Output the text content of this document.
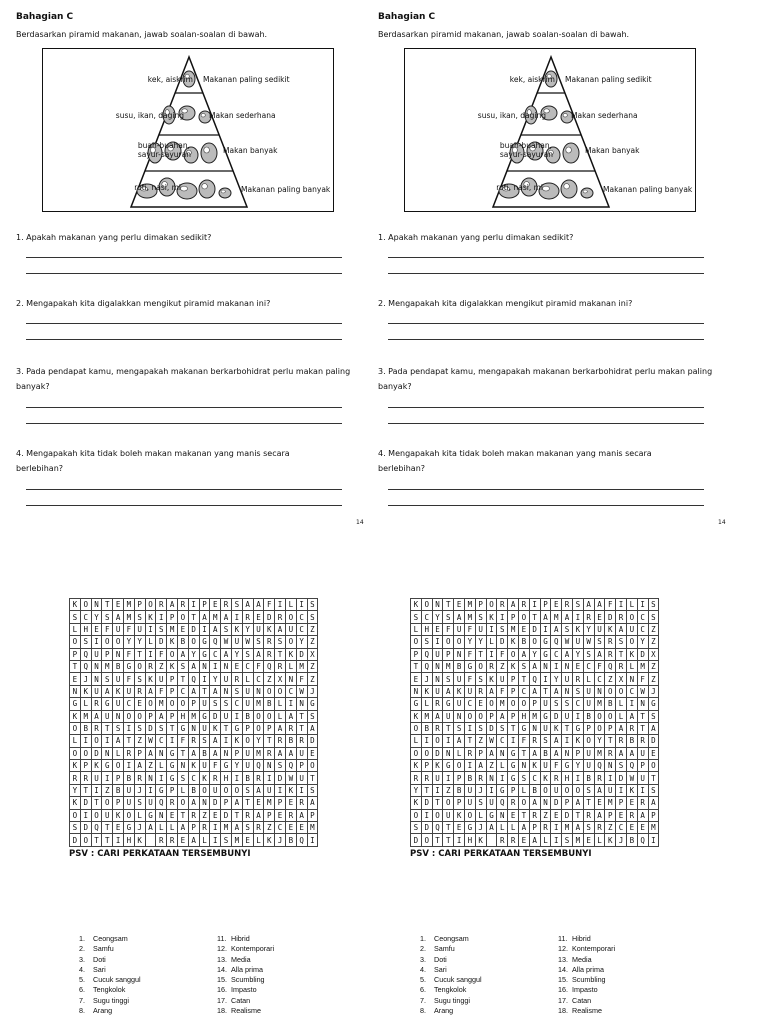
Bahagian C
Berdasarkan piramid makanan, jawab soalan-soalan di bawah.
kek, aiskrim
susu, ikan, daging
buah-buahan,
sayur-sayuran
roti, nasi, mi
Makanan paling sedikit
Makan sederhana
Makan banyak
Makanan paling banyak
1. Apakah makanan yang perlu dimakan sedikit?
2. Mengapakah kita digalakkan mengikut piramid makanan ini?
3. Pada pendapat kamu, mengapakah makanan berkarbohidrat perlu makan paling banyak?
4. Mengapakah kita tidak boleh makan makanan yang manis secara berlebihan?
14
Bahagian C
Berdasarkan piramid makanan, jawab soalan-soalan di bawah.
kek, aiskrim
susu, ikan, daging
buah-buahan,
sayur-sayuran
roti, nasi, mi
Makanan paling sedikit
Makan sederhana
Makan banyak
Makanan paling banyak
1. Apakah makanan yang perlu dimakan sedikit?
2. Mengapakah kita digalakkan mengikut piramid makanan ini?
3. Pada pendapat kamu, mengapakah makanan berkarbohidrat perlu makan paling banyak?
4. Mengapakah kita tidak boleh makan makanan yang manis secara berlebihan?
14
K	O	N	T	E	M	P	O	R	A	R	I	P	E	R	S	A	A	F	I	L	I	S
S	C	Y	S	A	M	S	K	I	P	O	T	A	M	A	I	R	E	D	R	O	C	S
L	H	E	F	U	F	U	I	S	M	E	D	I	A	S	K	Y	U	K	A	U	C	Z
O	S	I	O	O	Y	Y	L	D	K	B	O	G	Q	W	U	W	S	R	S	O	Y	Z
P	Q	U	P	N	F	T	I	F	O	A	Y	G	C	A	Y	S	A	R	T	K	D	X
T	Q	N	M	B	G	O	R	Z	K	S	A	N	I	N	E	C	F	Q	R	L	M	Z
E	J	N	S	U	F	S	K	U	P	T	Q	I	Y	U	R	L	C	Z	X	N	F	Z
N	K	U	A	K	U	R	A	F	P	C	A	T	A	N	S	U	N	O	O	C	W	J
G	L	R	G	U	C	E	O	M	O	O	P	U	S	S	C	U	M	B	L	I	N	G
K	M	A	U	N	O	O	P	A	P	H	M	G	D	U	I	B	O	O	L	A	T	S
O	B	R	T	S	I	S	D	S	T	G	N	U	K	T	G	P	O	P	A	R	T	A
L	I	O	I	A	T	Z	W	C	I	F	R	S	A	I	K	O	Y	T	R	B	R	D
O	O	D	N	L	R	P	A	N	G	T	A	B	A	N	P	U	M	R	A	A	U	E
K	P	K	G	O	I	A	Z	L	G	N	K	U	F	G	Y	U	Q	N	S	Q	P	O
R	R	U	I	P	B	R	N	I	G	S	C	K	R	H	I	B	R	I	D	W	U	T
Y	T	I	Z	B	U	J	I	G	P	L	B	O	U	O	O	S	A	U	I	K	I	S
K	D	T	O	P	U	S	U	Q	R	O	A	N	D	P	A	T	E	M	P	E	R	A
O	I	O	U	K	O	L	G	N	E	T	R	Z	E	D	T	R	A	P	E	R	A	P
S	D	Q	T	E	G	J	A	L	L	A	P	R	I	M	A	S	R	Z	C	E	E	M
D	O	T	T	I	H	K		R	R	E	A	L	I	S	M	E	L	K	J	B	Q	I
PSV : CARI PERKATAAN TERSEMBUNYI
1. Ceongsam
2. Samfu
3. Doti
4. Sari
5. Cucuk sanggul
6. Tengkolok
7. Sugu tinggi
8. Arang
11. Hibrid
12. Kontemporari
13. Media
14. Alla prima
15. Scumbling
16. Impasto
17. Catan
18. Realisme
K	O	N	T	E	M	P	O	R	A	R	I	P	E	R	S	A	A	F	I	L	I	S
S	C	Y	S	A	M	S	K	I	P	O	T	A	M	A	I	R	E	D	R	O	C	S
L	H	E	F	U	F	U	I	S	M	E	D	I	A	S	K	Y	U	K	A	U	C	Z
O	S	I	O	O	Y	Y	L	D	K	B	O	G	Q	W	U	W	S	R	S	O	Y	Z
P	Q	U	P	N	F	T	I	F	O	A	Y	G	C	A	Y	S	A	R	T	K	D	X
T	Q	N	M	B	G	O	R	Z	K	S	A	N	I	N	E	C	F	Q	R	L	M	Z
E	J	N	S	U	F	S	K	U	P	T	Q	I	Y	U	R	L	C	Z	X	N	F	Z
N	K	U	A	K	U	R	A	F	P	C	A	T	A	N	S	U	N	O	O	C	W	J
G	L	R	G	U	C	E	O	M	O	O	P	U	S	S	C	U	M	B	L	I	N	G
K	M	A	U	N	O	O	P	A	P	H	M	G	D	U	I	B	O	O	L	A	T	S
O	B	R	T	S	I	S	D	S	T	G	N	U	K	T	G	P	O	P	A	R	T	A
L	I	O	I	A	T	Z	W	C	I	F	R	S	A	I	K	O	Y	T	R	B	R	D
O	O	D	N	L	R	P	A	N	G	T	A	B	A	N	P	U	M	R	A	A	U	E
K	P	K	G	O	I	A	Z	L	G	N	K	U	F	G	Y	U	Q	N	S	Q	P	O
R	R	U	I	P	B	R	N	I	G	S	C	K	R	H	I	B	R	I	D	W	U	T
Y	T	I	Z	B	U	J	I	G	P	L	B	O	U	O	O	S	A	U	I	K	I	S
K	D	T	O	P	U	S	U	Q	R	O	A	N	D	P	A	T	E	M	P	E	R	A
O	I	O	U	K	O	L	G	N	E	T	R	Z	E	D	T	R	A	P	E	R	A	P
S	D	Q	T	E	G	J	A	L	L	A	P	R	I	M	A	S	R	Z	C	E	E	M
D	O	T	T	I	H	K		R	R	E	A	L	I	S	M	E	L	K	J	B	Q	I
PSV : CARI PERKATAAN TERSEMBUNYI
1. Ceongsam
2. Samfu
3. Doti
4. Sari
5. Cucuk sanggul
6. Tengkolok
7. Sugu tinggi
8. Arang
11. Hibrid
12. Kontemporari
13. Media
14. Alla prima
15. Scumbling
16. Impasto
17. Catan
18. Realisme
